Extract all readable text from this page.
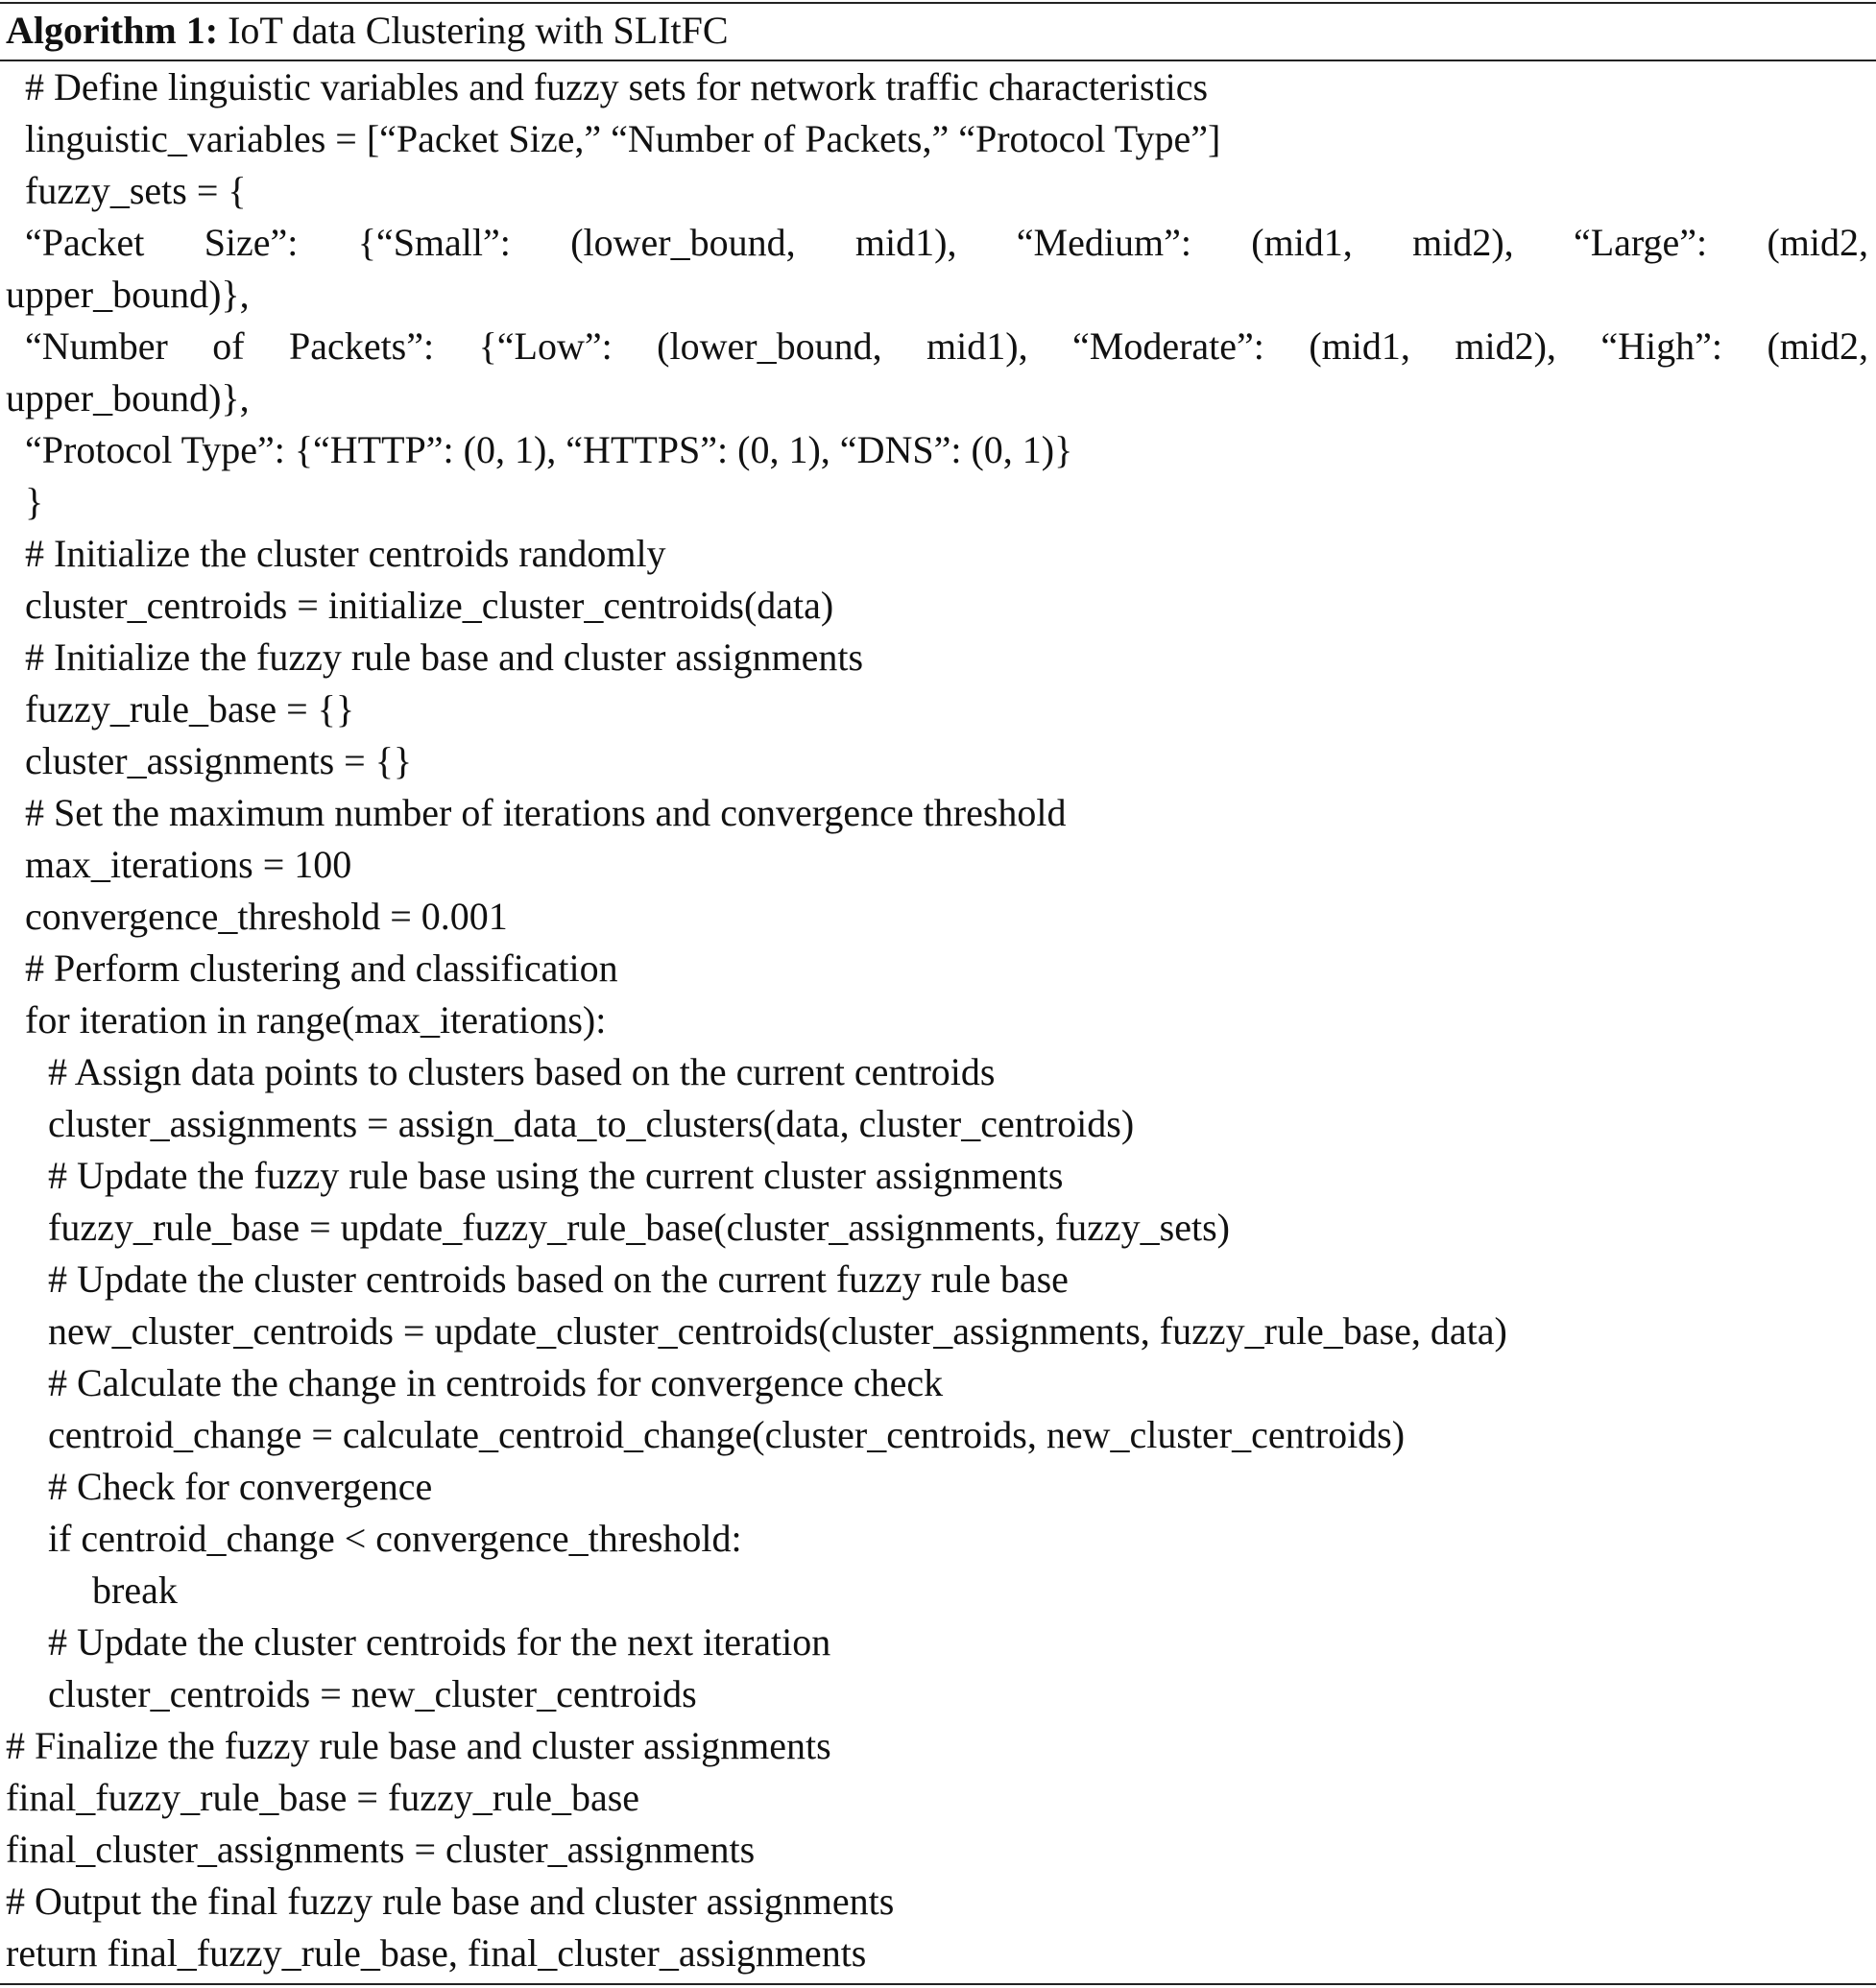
Algorithm 1: IoT data Clustering with SLItFC
# Define linguistic variables and fuzzy sets for network traffic characteristics
linguistic_variables = [“Packet Size,” “Number of Packets,” “Protocol Type”]
fuzzy_sets = {
“Packet Size”: {“Small”: (lower_bound, mid1), “Medium”: (mid1, mid2), “Large”: (mid2,
upper_bound)},
“Number of Packets”: {“Low”: (lower_bound, mid1), “Moderate”: (mid1, mid2), “High”: (mid2,
upper_bound)},
“Protocol Type”: {“HTTP”: (0, 1), “HTTPS”: (0, 1), “DNS”: (0, 1)}
}
# Initialize the cluster centroids randomly
cluster_centroids = initialize_cluster_centroids(data)
# Initialize the fuzzy rule base and cluster assignments
fuzzy_rule_base = {}
cluster_assignments = {}
# Set the maximum number of iterations and convergence threshold
max_iterations = 100
convergence_threshold = 0.001
# Perform clustering and classification
for iteration in range(max_iterations):
# Assign data points to clusters based on the current centroids
cluster_assignments = assign_data_to_clusters(data, cluster_centroids)
# Update the fuzzy rule base using the current cluster assignments
fuzzy_rule_base = update_fuzzy_rule_base(cluster_assignments, fuzzy_sets)
# Update the cluster centroids based on the current fuzzy rule base
new_cluster_centroids = update_cluster_centroids(cluster_assignments, fuzzy_rule_base, data)
# Calculate the change in centroids for convergence check
centroid_change = calculate_centroid_change(cluster_centroids, new_cluster_centroids)
# Check for convergence
if centroid_change < convergence_threshold:
break
# Update the cluster centroids for the next iteration
cluster_centroids = new_cluster_centroids
# Finalize the fuzzy rule base and cluster assignments
final_fuzzy_rule_base = fuzzy_rule_base
final_cluster_assignments = cluster_assignments
# Output the final fuzzy rule base and cluster assignments
return final_fuzzy_rule_base, final_cluster_assignments
